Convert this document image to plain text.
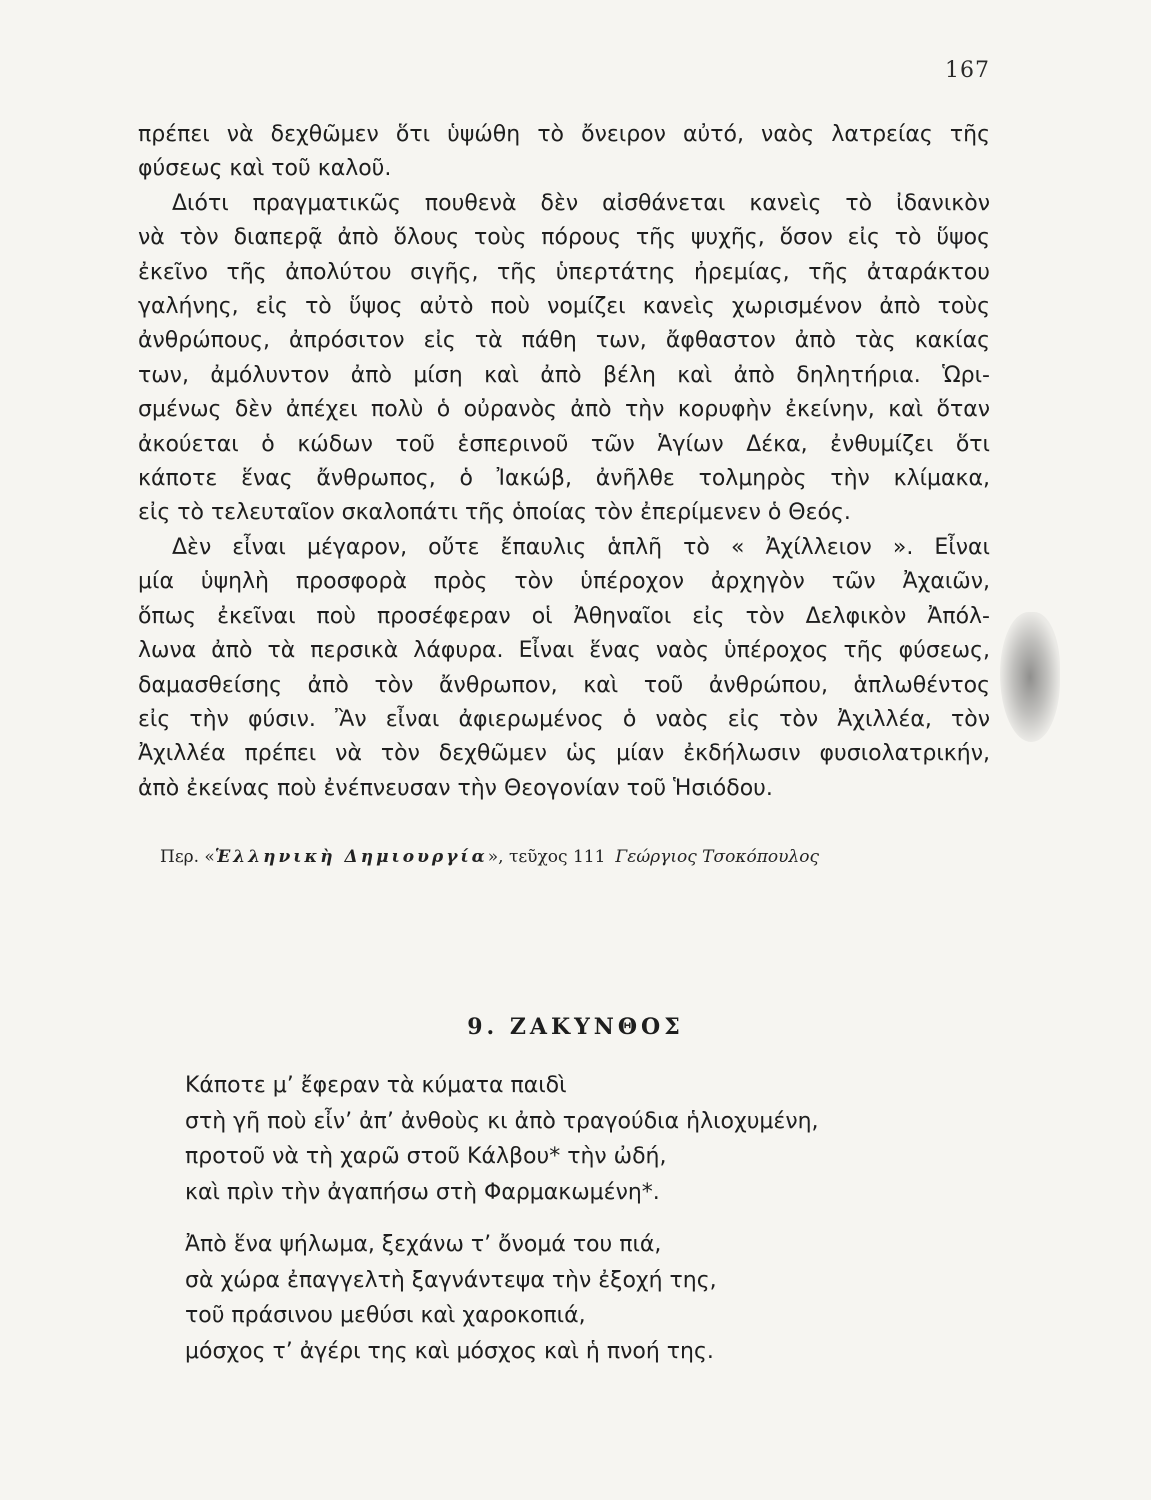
167
πρέπει νὰ δεχθῶμεν ὅτι ὑψώθη τὸ ὄνειρον αὐτό, ναὸς λατρείας τῆς
φύσεως καὶ τοῦ καλοῦ.
Διότι πραγματικῶς πουθενὰ δὲν αἰσθάνεται κανεὶς τὸ ἰδανικὸν
νὰ τὸν διαπερᾷ ἀπὸ ὅλους τοὺς πόρους τῆς ψυχῆς, ὅσον εἰς τὸ ὕψος
ἐκεῖνο τῆς ἀπολύτου σιγῆς, τῆς ὑπερτάτης ἠρεμίας, τῆς ἀταράκτου
γαλήνης, εἰς τὸ ὕψος αὐτὸ ποὺ νομίζει κανεὶς χωρισμένον ἀπὸ τοὺς
ἀνθρώπους, ἀπρόσιτον εἰς τὰ πάθη των, ἄφθαστον ἀπὸ τὰς κακίας
των, ἀμόλυντον ἀπὸ μίση καὶ ἀπὸ βέλη καὶ ἀπὸ δηλητήρια. Ὡρι-
σμένως δὲν ἀπέχει πολὺ ὁ οὐρανὸς ἀπὸ τὴν κορυφὴν ἐκείνην, καὶ ὅταν
ἀκούεται ὁ κώδων τοῦ ἑσπερινοῦ τῶν Ἁγίων Δέκα, ἐνθυμίζει ὅτι
κάποτε ἕνας ἄνθρωπος, ὁ Ἰακώβ, ἀνῆλθε τολμηρὸς τὴν κλίμακα,
εἰς τὸ τελευταῖον σκαλοπάτι τῆς ὁποίας τὸν ἐπερίμενεν ὁ Θεός.
Δὲν εἶναι μέγαρον, οὔτε ἔπαυλις ἁπλῆ τὸ « Ἀχίλλειον ». Εἶναι
μία ὑψηλὴ προσφορὰ πρὸς τὸν ὑπέροχον ἀρχηγὸν τῶν Ἀχαιῶν,
ὅπως ἐκεῖναι ποὺ προσέφεραν οἱ Ἀθηναῖοι εἰς τὸν Δελφικὸν Ἀπόλ-
λωνα ἀπὸ τὰ περσικὰ λάφυρα. Εἶναι ἕνας ναὸς ὑπέροχος τῆς φύσεως,
δαμασθείσης ἀπὸ τὸν ἄνθρωπον, καὶ τοῦ ἀνθρώπου, ἁπλωθέντος
εἰς τὴν φύσιν. Ἂν εἶναι ἀφιερωμένος ὁ ναὸς εἰς τὸν Ἀχιλλέα, τὸν
Ἀχιλλέα πρέπει νὰ τὸν δεχθῶμεν ὡς μίαν ἐκδήλωσιν φυσιολατρικήν,
ἀπὸ ἐκείνας ποὺ ἐνέπνευσαν τὴν Θεογονίαν τοῦ Ἡσιόδου.
Περ. «Ἑλληνικὴ Δημιουργία», τεῦχος 111 Γεώργιος Τσοκόπουλος
9. ΖΑΚΥΝΘΟΣ
Κάποτε μ’ ἔφεραν τὰ κύματα παιδὶ
στὴ γῆ ποὺ εἶν’ ἀπ’ ἀνθοὺς κι ἀπὸ τραγούδια ἡλιοχυμένη,
προτοῦ νὰ τὴ χαρῶ στοῦ Κάλβου* τὴν ὠδή,
καὶ πρὶν τὴν ἀγαπήσω στὴ Φαρμακωμένη*.
Ἀπὸ ἕνα ψήλωμα, ξεχάνω τ’ ὄνομά του πιά,
σὰ χώρα ἐπαγγελτὴ ξαγνάντεψα τὴν ἐξοχή της,
τοῦ πράσινου μεθύσι καὶ χαροκοπιά,
μόσχος τ’ ἀγέρι της καὶ μόσχος καὶ ἡ πνοή της.
